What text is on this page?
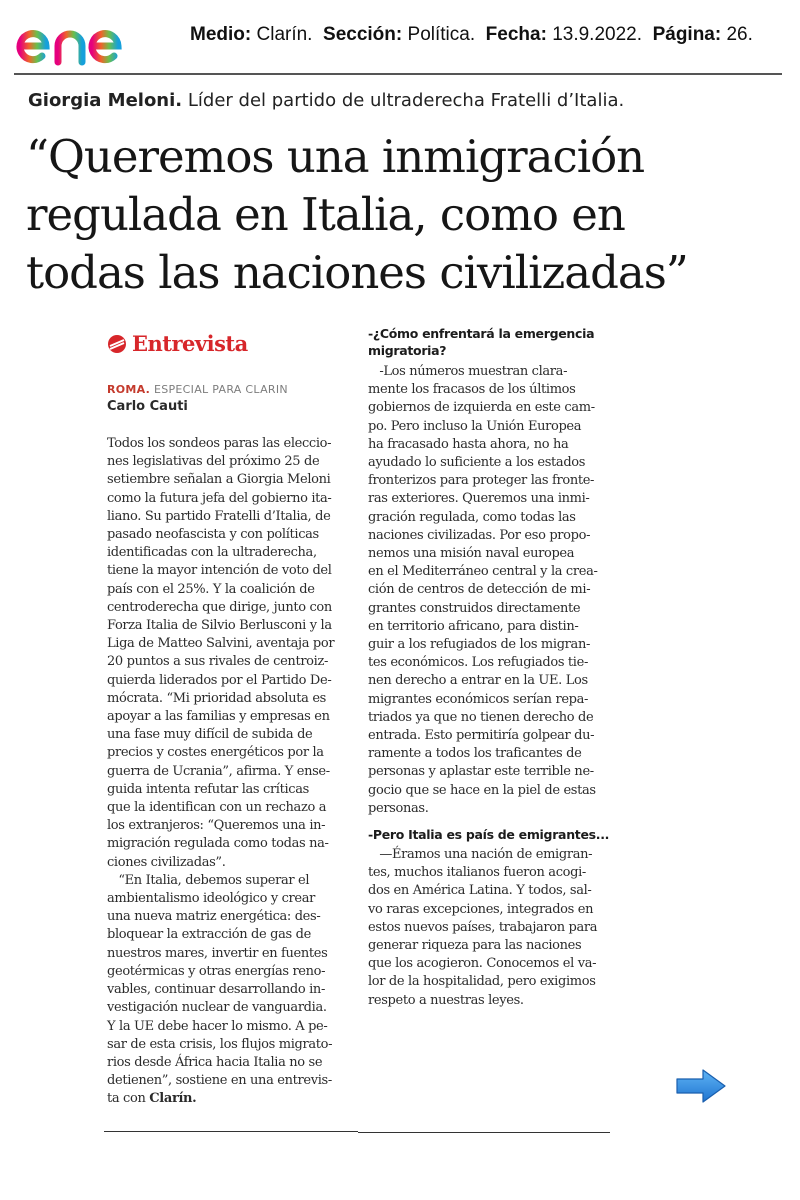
Medio: Clarín. Sección: Política. Fecha: 13.9.2022. Página: 26.
Giorgia Meloni. Líder del partido de ultraderecha Fratelli d’Italia.
“Queremos una inmigración
regulada en Italia, como en
todas las naciones civilizadas”
Entrevista
ROMA. ESPECIAL PARA CLARIN
Carlo Cauti
Todos los sondeos paras las eleccio-
nes legislativas del próximo 25 de
setiembre señalan a Giorgia Meloni
como la futura jefa del gobierno ita-
liano. Su partido Fratelli d’Italia, de
pasado neofascista y con políticas
identificadas con la ultraderecha,
tiene la mayor intención de voto del
país con el 25%. Y la coalición de
centroderecha que dirige, junto con
Forza Italia de Silvio Berlusconi y la
Liga de Matteo Salvini, aventaja por
20 puntos a sus rivales de centroiz-
quierda liderados por el Partido De-
mócrata. “Mi prioridad absoluta es
apoyar a las familias y empresas en
una fase muy difícil de subida de
precios y costes energéticos por la
guerra de Ucrania”, afirma. Y ense-
guida intenta refutar las críticas
que la identifican con un rechazo a
los extranjeros: “Queremos una in-
migración regulada como todas na-
ciones civilizadas”.
“En Italia, debemos superar el
ambientalismo ideológico y crear
una nueva matriz energética: des-
bloquear la extracción de gas de
nuestros mares, invertir en fuentes
geotérmicas y otras energías reno-
vables, continuar desarrollando in-
vestigación nuclear de vanguardia.
Y la UE debe hacer lo mismo. A pe-
sar de esta crisis, los flujos migrato-
rios desde África hacia Italia no se
detienen”, sostiene en una entrevis-
ta con Clarín.
-¿Cómo enfrentará la emergencia
migratoria?
-Los números muestran clara-
mente los fracasos de los últimos
gobiernos de izquierda en este cam-
po. Pero incluso la Unión Europea
ha fracasado hasta ahora, no ha
ayudado lo suficiente a los estados
fronterizos para proteger las fronte-
ras exteriores. Queremos una inmi-
gración regulada, como todas las
naciones civilizadas. Por eso propo-
nemos una misión naval europea
en el Mediterráneo central y la crea-
ción de centros de detección de mi-
grantes construidos directamente
en territorio africano, para distin-
guir a los refugiados de los migran-
tes económicos. Los refugiados tie-
nen derecho a entrar en la UE. Los
migrantes económicos serían repa-
triados ya que no tienen derecho de
entrada. Esto permitiría golpear du-
ramente a todos los traficantes de
personas y aplastar este terrible ne-
gocio que se hace en la piel de estas
personas.
-Pero Italia es país de emigrantes...
—Éramos una nación de emigran-
tes, muchos italianos fueron acogi-
dos en América Latina. Y todos, sal-
vo raras excepciones, integrados en
estos nuevos países, trabajaron para
generar riqueza para las naciones
que los acogieron. Conocemos el va-
lor de la hospitalidad, pero exigimos
respeto a nuestras leyes.
